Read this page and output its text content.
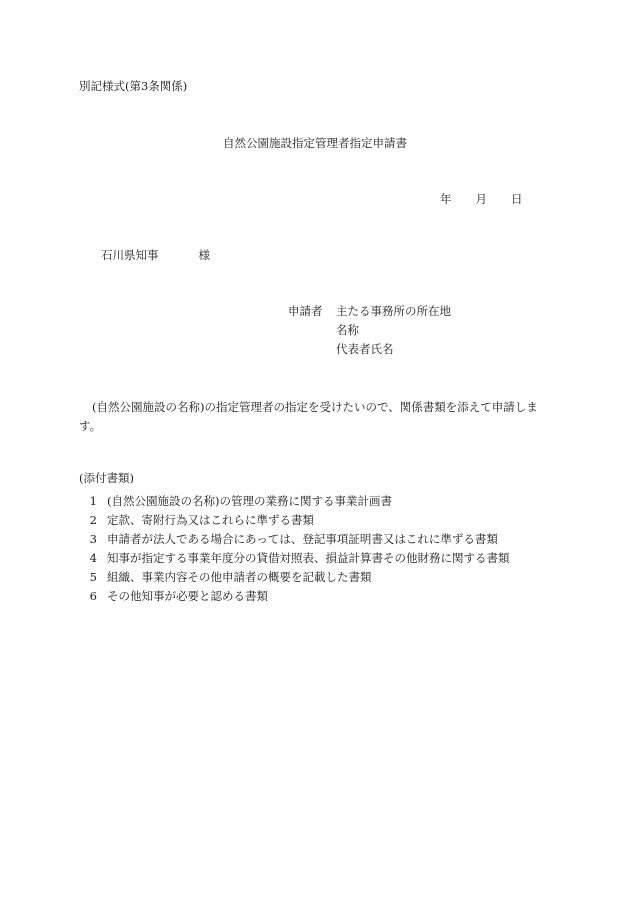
別記様式(第3条関係)
自然公園施設指定管理者指定申請書
年 月 日
石川県知事	様
申請者 主たる事務所の所在地
名称
代表者氏名
(自然公園施設の名称)の指定管理者の指定を受けたいので、関係書類を添えて申請します。
(添付書類)
1 (自然公園施設の名称)の管理の業務に関する事業計画書
2 定款、寄附行為又はこれらに準ずる書類
3 申請者が法人である場合にあっては、登記事項証明書又はこれに準ずる書類
4 知事が指定する事業年度分の貸借対照表、損益計算書その他財務に関する書類
5 組織、事業内容その他申請者の概要を記載した書類
6 その他知事が必要と認める書類
